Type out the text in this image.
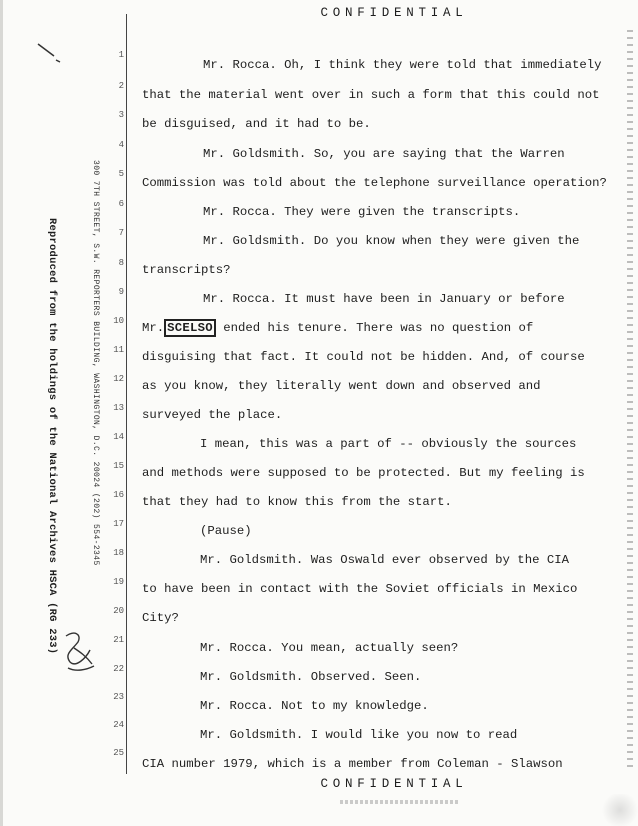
CONFIDENTIAL
Reproduced from the holdings of the National Archives HSCA (RG 233)	300 7TH STREET, S.W. REPORTERS BUILDING, WASHINGTON, D.C. 20024 (202) 554-2345
1
2
3
4
5
6
7
8
9
10
11
12
13
14
15
16
17
18
19
20
21
22
23
24
25
Mr. Rocca. Oh, I think they were told that immediately
that the material went over in such a form that this could not
be disguised, and it had to be.
Mr. Goldsmith. So, you are saying that the Warren
Commission was told about the telephone surveillance operation?
Mr. Rocca. They were given the transcripts.
Mr. Goldsmith. Do you know when they were given the
transcripts?
Mr. Rocca. It must have been in January or before
Mr. SCELSO ended his tenure. There was no question of
disguising that fact. It could not be hidden. And, of course
as you know, they literally went down and observed and
surveyed the place.
I mean, this was a part of -- obviously the sources
and methods were supposed to be protected. But my feeling is
that they had to know this from the start.
(Pause)
Mr. Goldsmith. Was Oswald ever observed by the CIA
to have been in contact with the Soviet officials in Mexico
City?
Mr. Rocca. You mean, actually seen?
Mr. Goldsmith. Observed. Seen.
Mr. Rocca. Not to my knowledge.
Mr. Goldsmith. I would like you now to read
CIA number 1979, which is a member from Coleman - Slawson
CONFIDENTIAL
